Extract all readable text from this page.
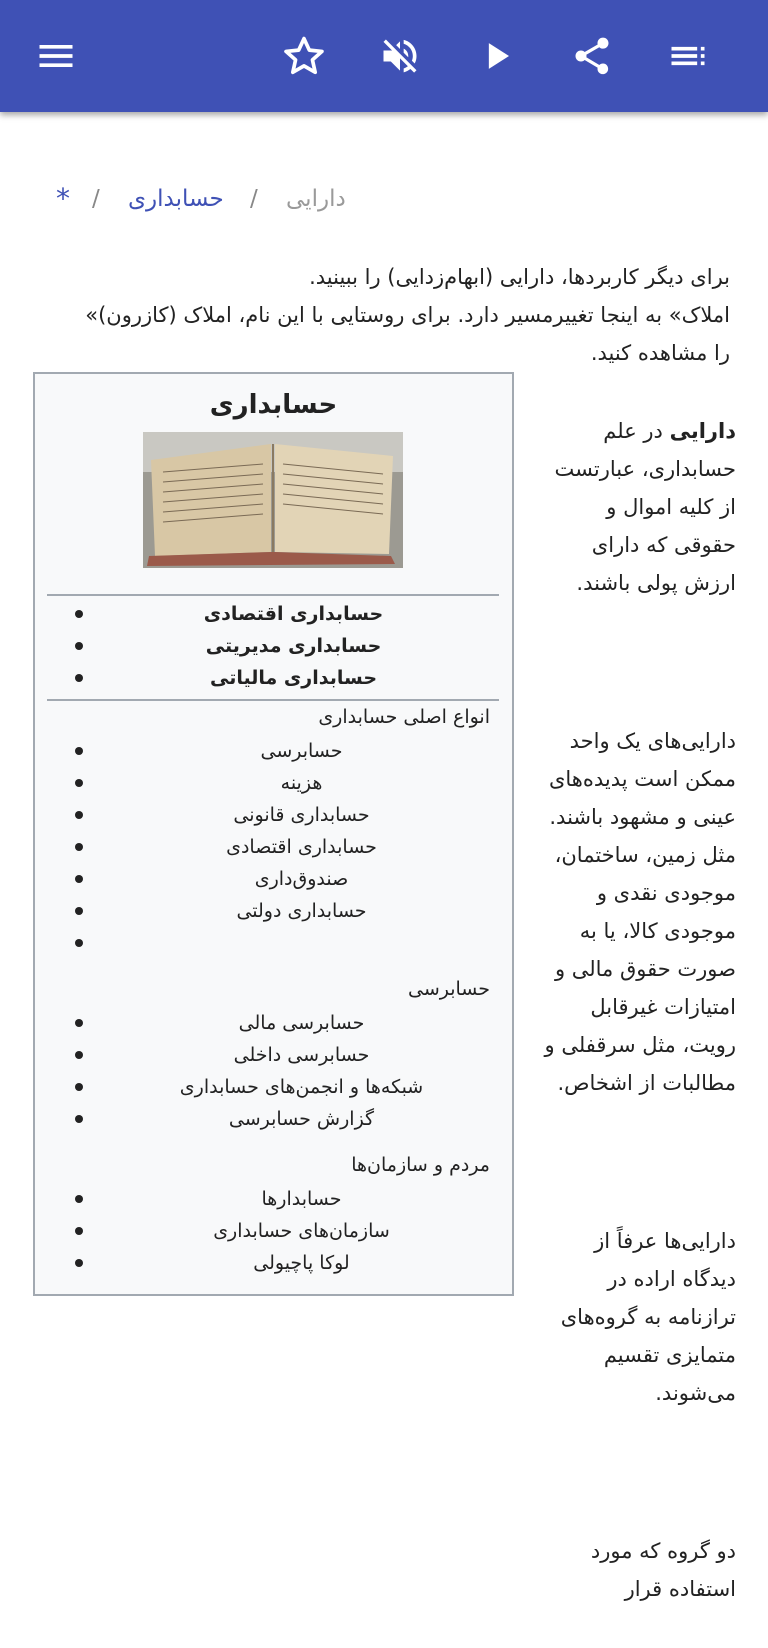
* / حسابداری / دارایی
برای دیگر کاربردها، دارایی (ابهام‌زدایی) را ببینید.
املاک» به اینجا تغییرمسیر دارد. برای روستایی با این نام، املاک (کازرون)»
را مشاهده کنید.
حسابداری
حسابداری اقتصادی
حسابداری مدیریتی
حسابداری مالیاتی
انواع اصلی حسابداری
حسابرسی
هزینه
حسابداری قانونی
حسابداری اقتصادی
صندوق‌داری
حسابداری دولتی
حسابرسی
حسابرسی مالی
حسابرسی داخلی
شبکه‌ها و انجمن‌های حسابداری
گزارش حسابرسی
مردم و سازمان‌ها
حسابدارها
سازمان‌های حسابداری
لوکا پاچیولی

دارایی در علم
حسابداری، عبارتست
از کلیه اموال و
حقوقی که دارای
ارزش پولی باشند.

دارایی‌های یک واحد
ممکن است پدیده‌های
عینی و مشهود باشند.
مثل زمین، ساختمان،
موجودی نقدی و
موجودی کالا، یا به
صورت حقوق مالی و
امتیازات غیرقابل
رویت، مثل سرقفلی و
مطالبات از اشخاص.

دارایی‌ها عرفاً از
دیدگاه اراده در
ترازنامه به گروه‌های
متمایزی تقسیم
می‌شوند.

دو گروه که مورد
استفاده قرار
